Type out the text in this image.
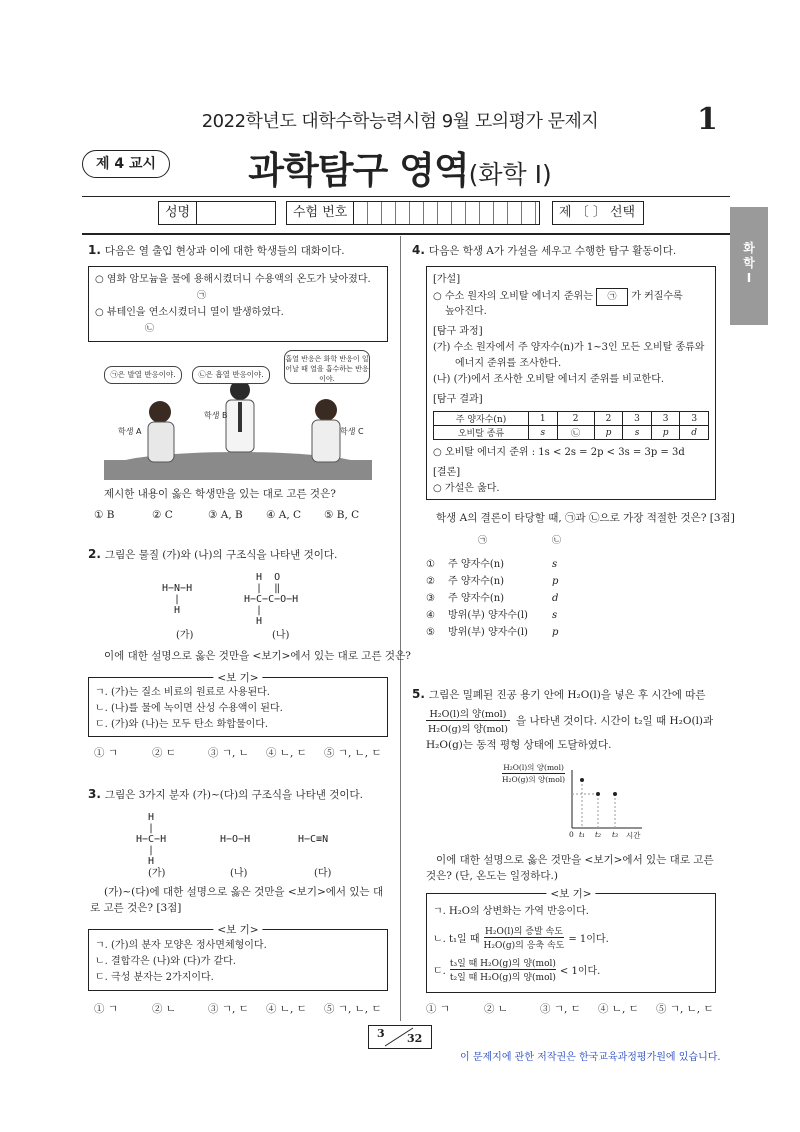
2022학년도 대학수학능력시험 9월 모의평가 문제지	1
제 4 교시	과학탐구 영역(화학 I)
성명	수험 번호	제 〔 〕 선택
화
학
I
1. 다음은 열 출입 현상과 이에 대한 학생들의 대화이다.
○ 염화 암모늄을 물에 용해시켰더니 수용액의 온도가 낮아졌다.
㉠
○ 뷰테인을 연소시켰더니 열이 발생하였다.
㉡
㉠은 발열 반응이야.	㉡은 흡열 반응이야.
흡열 반응은 화학 반응이 일어날 때 열을 흡수하는 반응이야.
학생 A
학생 B
학생 C
제시한 내용이 옳은 학생만을 있는 대로 고른 것은?
① B	② C	③ A, B ④ A, C ⑤ B, C
2. 그림은 물질 (가)와 (나)의 구조식을 나타낸 것이다.

H−N−H
|
H
H  O
|  ‖
H−C−C−O−H
|
H
(가)	(나)
이에 대한 설명으로 옳은 것만을 <보기>에서 있는 대로 고른 것은?
<보 기>
ㄱ. (가)는 질소 비료의 원료로 사용된다.
ㄴ. (나)를 물에 녹이면 산성 수용액이 된다.
ㄷ. (가)와 (나)는 모두 탄소 화합물이다.
① ㄱ	② ㄷ	③ ㄱ, ㄴ ④ ㄴ, ㄷ ⑤ ㄱ, ㄴ, ㄷ
3. 그림은 3가지 분자 (가)~(다)의 구조식을 나타낸 것이다.
H
|
H−C−H
|
H

H−O−H	

H−C≡N
(가)	(나)	(다)
(가)~(다)에 대한 설명으로 옳은 것만을 <보기>에서 있는 대로 고른 것은? [3점]
<보 기>
ㄱ. (가)의 분자 모양은 정사면체형이다.
ㄴ. 결합각은 (나)와 (다)가 같다.
ㄷ. 극성 분자는 2가지이다.
① ㄱ	② ㄴ	③ ㄱ, ㄷ ④ ㄴ, ㄷ ⑤ ㄱ, ㄴ, ㄷ
4. 다음은 학생 A가 가설을 세우고 수행한 탐구 활동이다.
[가설]
○ 수소 원자의 오비탈 에너지 준위는 ㉠ 가 커질수록
높아진다.
[탐구 과정]
(가) 수소 원자에서 주 양자수(n)가 1~3인 모든 오비탈 종류와
에너지 준위를 조사한다.
(나) (가)에서 조사한 오비탈 에너지 준위를 비교한다.
[탐구 결과]
주 양자수(n)	1	2	2	3	3	3
오비탈 종류	s	㉡	p	s	p	d
○ 오비탈 에너지 준위 : 1s < 2s = 2p < 3s = 3p = 3d
[결론]
○ 가설은 옳다.
학생 A의 결론이 타당할 때, ㉠과 ㉡으로 가장 적절한 것은? [3점]
㉠	㉡
① 주 양자수(n)	s
② 주 양자수(n)	p
③ 주 양자수(n)	d
④ 방위(부) 양자수(l) s
⑤ 방위(부) 양자수(l) p
5. 그림은 밀폐된 진공 용기 안에 H₂O(l)을 넣은 후 시간에 따른
H₂O(l)의 양(mol)
H₂O(g)의 양(mol)
을 나타낸 것이다. 시간이 t₂일 때 H₂O(l)과
H₂O(g)는 동적 평형 상태에 도달하였다.
H₂O(l)의 양(mol)
H₂O(g)의 양(mol)
0 t₁ t₂ t₃ 시간
이에 대한 설명으로 옳은 것만을 <보기>에서 있는 대로 고른
것은? (단, 온도는 일정하다.)
<보 기>
ㄱ. H₂O의 상변화는 가역 반응이다.
ㄴ. t₁일 때
H₂O(l)의 증발 속도
H₂O(g)의 응축 속도
= 1이다.
ㄷ.
t₃일 때 H₂O(g)의 양(mol)
t₂일 때 H₂O(g)의 양(mol)
< 1이다.
① ㄱ	② ㄴ	③ ㄱ, ㄷ ④ ㄴ, ㄷ ⑤ ㄱ, ㄴ, ㄷ
3 32
이 문제지에 관한 저작권은 한국교육과정평가원에 있습니다.
